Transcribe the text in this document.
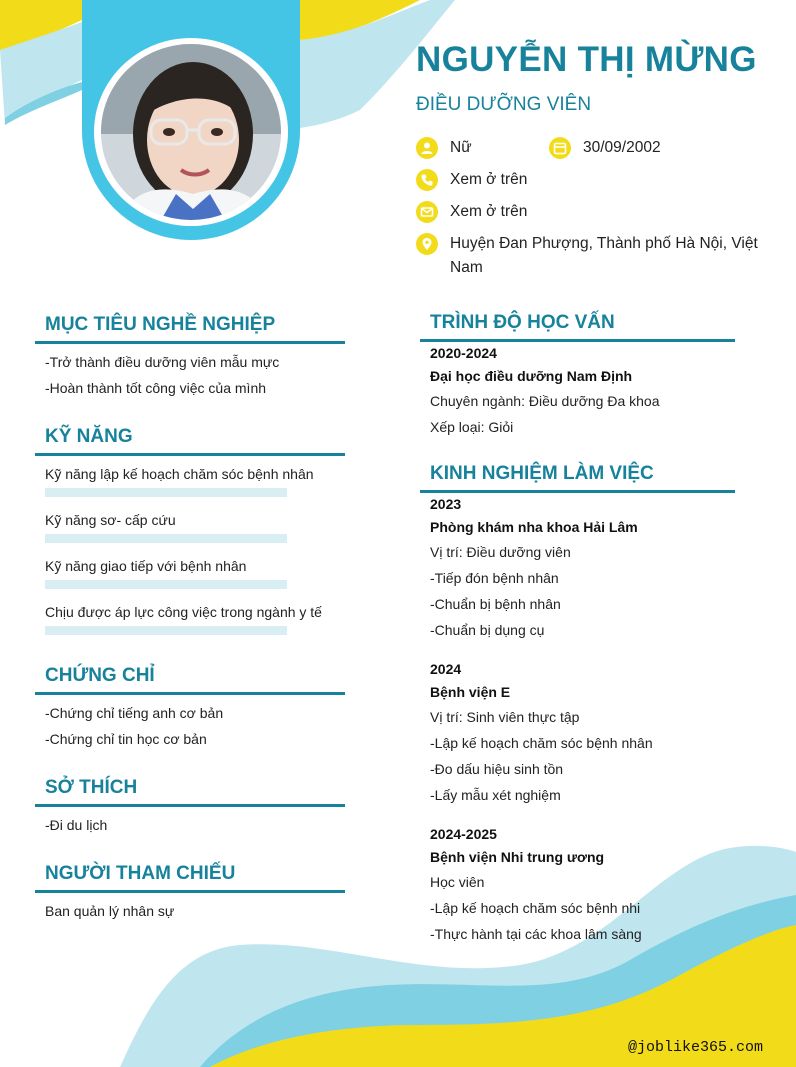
NGUYỄN THỊ MỪNG
ĐIỀU DƯỠNG VIÊN
Nữ	30/09/2002
Xem ở trên
Xem ở trên
Huyện Đan Phượng, Thành phố Hà Nội, Việt Nam
MỤC TIÊU NGHỀ NGHIỆP
-Trở thành điều dưỡng viên mẫu mực
-Hoàn thành tốt công việc của mình
KỸ NĂNG
Kỹ năng lập kế hoạch chăm sóc bệnh nhân
Kỹ năng sơ- cấp cứu
Kỹ năng giao tiếp với bệnh nhân
Chịu được áp lực công việc trong ngành y tế
CHỨNG CHỈ
-Chứng chỉ tiếng anh cơ bản
-Chứng chỉ tin học cơ bản
SỞ THÍCH
-Đi du lịch
NGƯỜI THAM CHIẾU
Ban quản lý nhân sự
TRÌNH ĐỘ HỌC VẤN
2020-2024
Đại học điều dưỡng Nam Định
Chuyên ngành: Điều dưỡng Đa khoa
Xếp loại: Giỏi
KINH NGHIỆM LÀM VIỆC
2023
Phòng khám nha khoa Hải Lâm
Vị trí: Điều dưỡng viên
-Tiếp đón bệnh nhân
-Chuẩn bị bệnh nhân
-Chuẩn bị dụng cụ
2024
Bệnh viện E
Vị trí: Sinh viên thực tập
-Lập kế hoạch chăm sóc bệnh nhân
-Đo dấu hiệu sinh tồn
-Lấy mẫu xét nghiệm
2024-2025
Bệnh viện Nhi trung ương
Học viên
-Lập kế hoạch chăm sóc bệnh nhi
-Thực hành tại các khoa lâm sàng
@joblike365.com
